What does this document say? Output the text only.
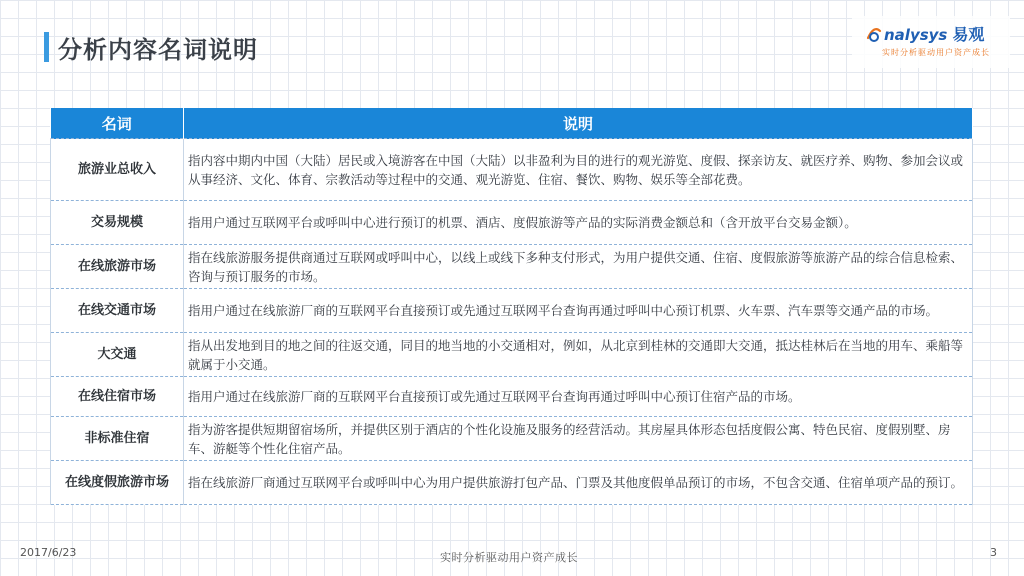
分析内容名词说明
nalysys 易观
实时分析驱动用户资产成长
名词	说明
旅游业总收入	指内容中期内中国（大陆）居民或入境游客在中国（大陆）以非盈利为目的进行的观光游览、度假、探亲访友、就医疗养、购物、参加会议或从事经济、文化、体育、宗教活动等过程中的交通、观光游览、住宿、餐饮、购物、娱乐等全部花费。
交易规模	指用户通过互联网平台或呼叫中心进行预订的机票、酒店、度假旅游等产品的实际消费金额总和（含开放平台交易金额）。
在线旅游市场	指在线旅游服务提供商通过互联网或呼叫中心，以线上或线下多种支付形式，为用户提供交通、住宿、度假旅游等旅游产品的综合信息检索、咨询与预订服务的市场。
在线交通市场	指用户通过在线旅游厂商的互联网平台直接预订或先通过互联网平台查询再通过呼叫中心预订机票、火车票、汽车票等交通产品的市场。
大交通	指从出发地到目的地之间的往返交通，同目的地当地的小交通相对，例如，从北京到桂林的交通即大交通，抵达桂林后在当地的用车、乘船等就属于小交通。
在线住宿市场	指用户通过在线旅游厂商的互联网平台直接预订或先通过互联网平台查询再通过呼叫中心预订住宿产品的市场。
非标准住宿	指为游客提供短期留宿场所，并提供区别于酒店的个性化设施及服务的经营活动。其房屋具体形态包括度假公寓、特色民宿、度假别墅、房车、游艇等个性化住宿产品。
在线度假旅游市场	指在线旅游厂商通过互联网平台或呼叫中心为用户提供旅游打包产品、门票及其他度假单品预订的市场，不包含交通、住宿单项产品的预订。
2017/6/23	实时分析驱动用户资产成长	3
